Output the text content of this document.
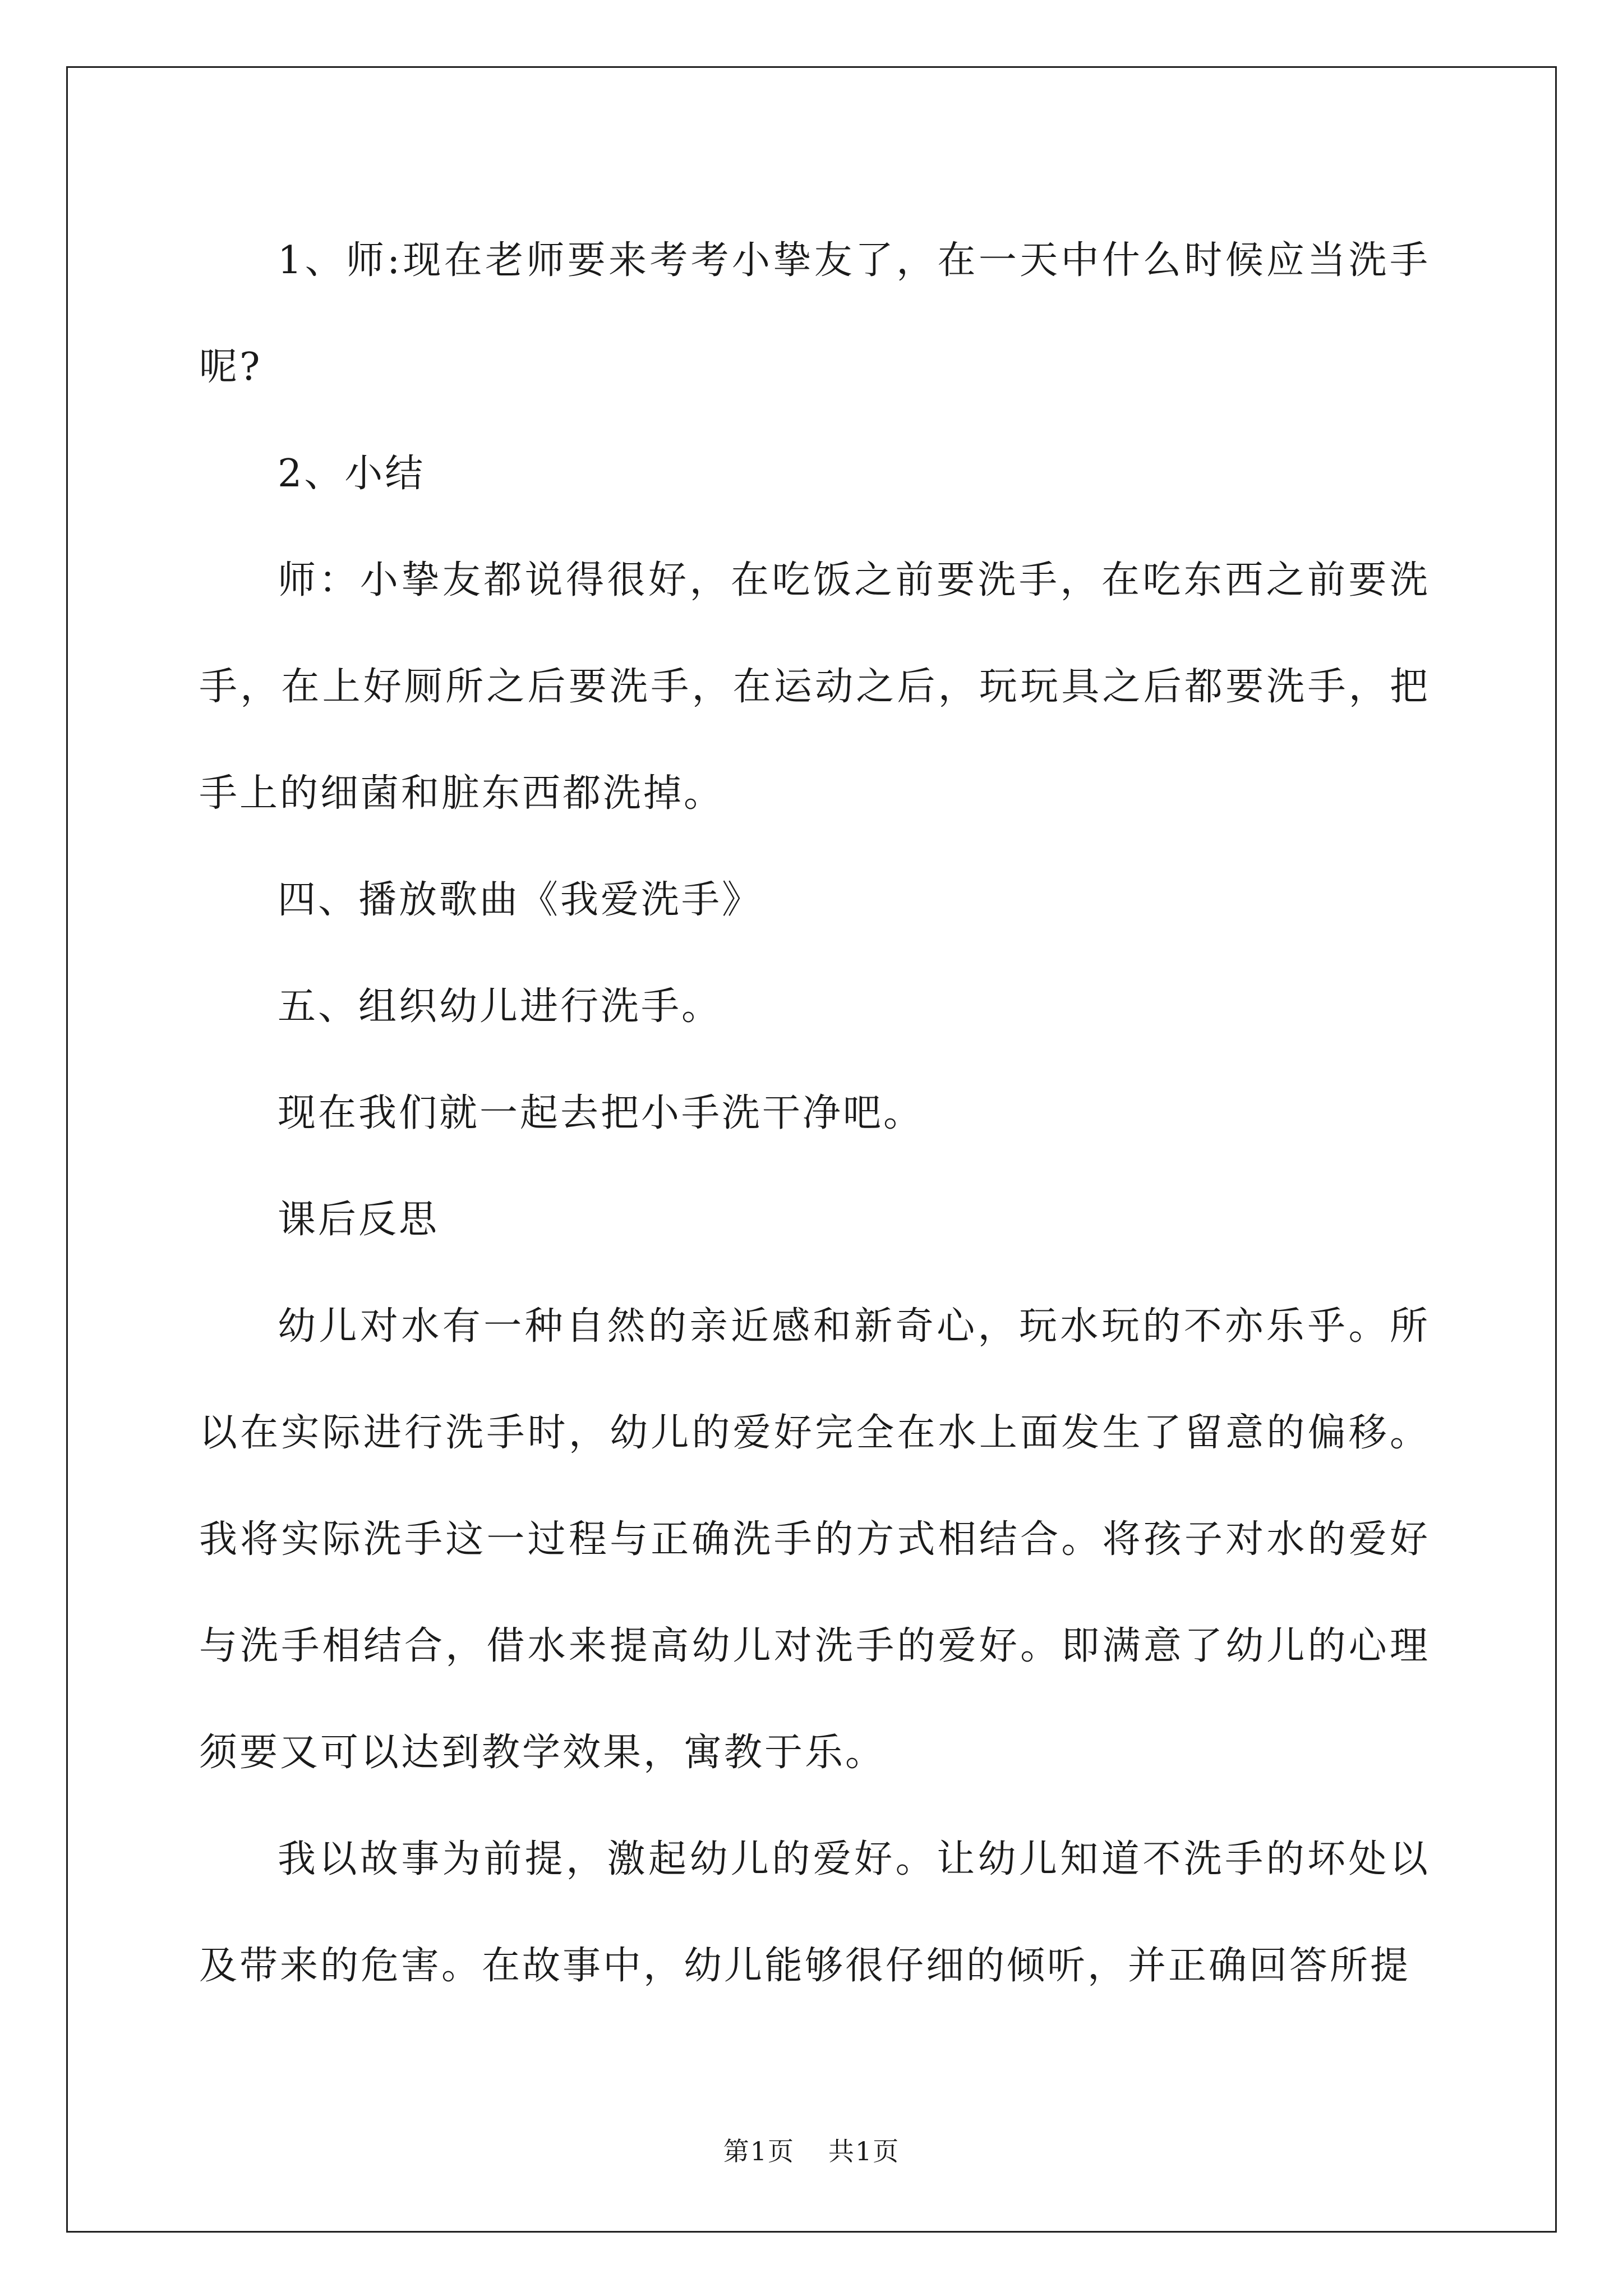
1、师:现在老师要来考考小挚友了，在一天中什么时候应当洗手呢?

2、小结

师：小挚友都说得很好，在吃饭之前要洗手，在吃东西之前要洗手，在上好厕所之后要洗手，在运动之后，玩玩具之后都要洗手，把手上的细菌和脏东西都洗掉。

四、播放歌曲《我爱洗手》

五、组织幼儿进行洗手。

现在我们就一起去把小手洗干净吧。

课后反思

幼儿对水有一种自然的亲近感和新奇心，玩水玩的不亦乐乎。所以在实际进行洗手时，幼儿的爱好完全在水上面发生了留意的偏移。我将实际洗手这一过程与正确洗手的方式相结合。将孩子对水的爱好与洗手相结合，借水来提高幼儿对洗手的爱好。即满意了幼儿的心理须要又可以达到教学效果，寓教于乐。

我以故事为前提，激起幼儿的爱好。让幼儿知道不洗手的坏处以及带来的危害。在故事中，幼儿能够很仔细的倾听，并正确回答所提

第1页 共1页
